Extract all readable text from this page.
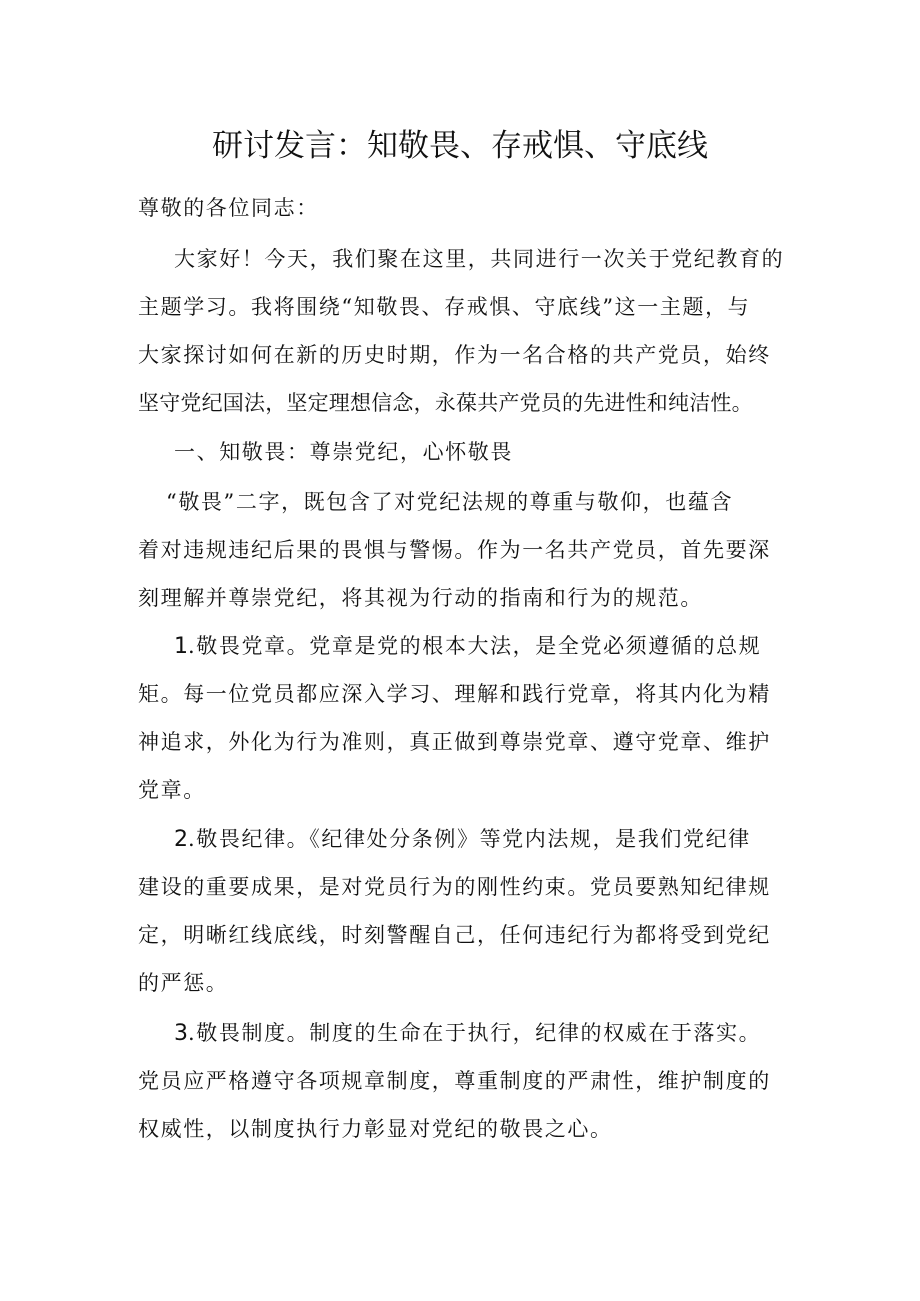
研讨发言：知敬畏、存戒惧、守底线
尊敬的各位同志：
大家好！今天，我们聚在这里，共同进行一次关于党纪教育的
主题学习。我将围绕“知敬畏、存戒惧、守底线”这一主题，与
大家探讨如何在新的历史时期，作为一名合格的共产党员，始终
坚守党纪国法，坚定理想信念，永葆共产党员的先进性和纯洁性。
一、知敬畏：尊崇党纪，心怀敬畏
“敬畏”二字，既包含了对党纪法规的尊重与敬仰，也蕴含
着对违规违纪后果的畏惧与警惕。作为一名共产党员，首先要深
刻理解并尊崇党纪，将其视为行动的指南和行为的规范。
1.敬畏党章。党章是党的根本大法，是全党必须遵循的总规
矩。每一位党员都应深入学习、理解和践行党章，将其内化为精
神追求，外化为行为准则，真正做到尊崇党章、遵守党章、维护
党章。
2.敬畏纪律。《纪律处分条例》等党内法规，是我们党纪律
建设的重要成果，是对党员行为的刚性约束。党员要熟知纪律规
定，明晰红线底线，时刻警醒自己，任何违纪行为都将受到党纪
的严惩。
3.敬畏制度。制度的生命在于执行，纪律的权威在于落实。
党员应严格遵守各项规章制度，尊重制度的严肃性，维护制度的
权威性，以制度执行力彰显对党纪的敬畏之心。
